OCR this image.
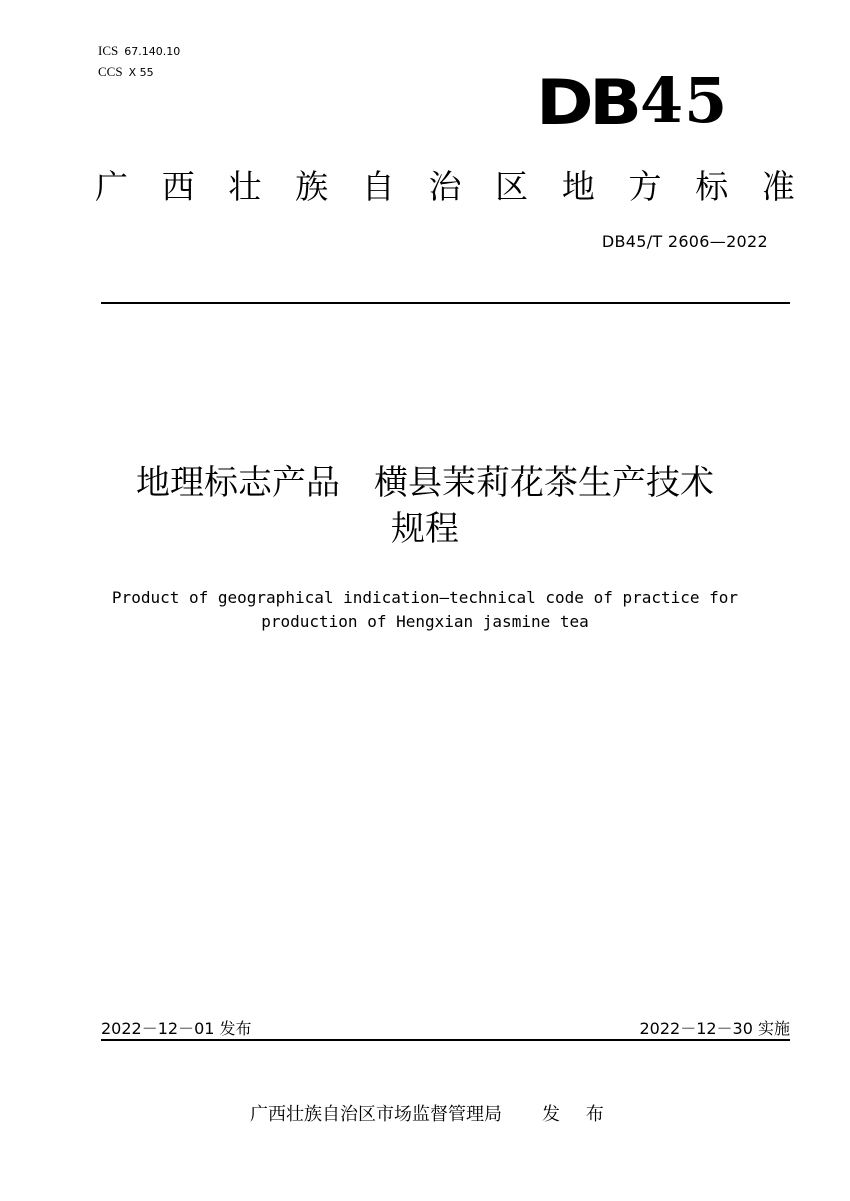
ICS 67.140.10
CCS X 55	DB 45
广 西 壮 族 自 治 区 地 方 标 准
DB45/T 2606—2022
地理标志产品　横县茉莉花茶生产技术
规程
Product of geographical indication—technical code of practice for
production of Hengxian jasmine tea
2022－12－01 发布	2022－12－30 实施
广西壮族自治区市场监督管理局 发 布
